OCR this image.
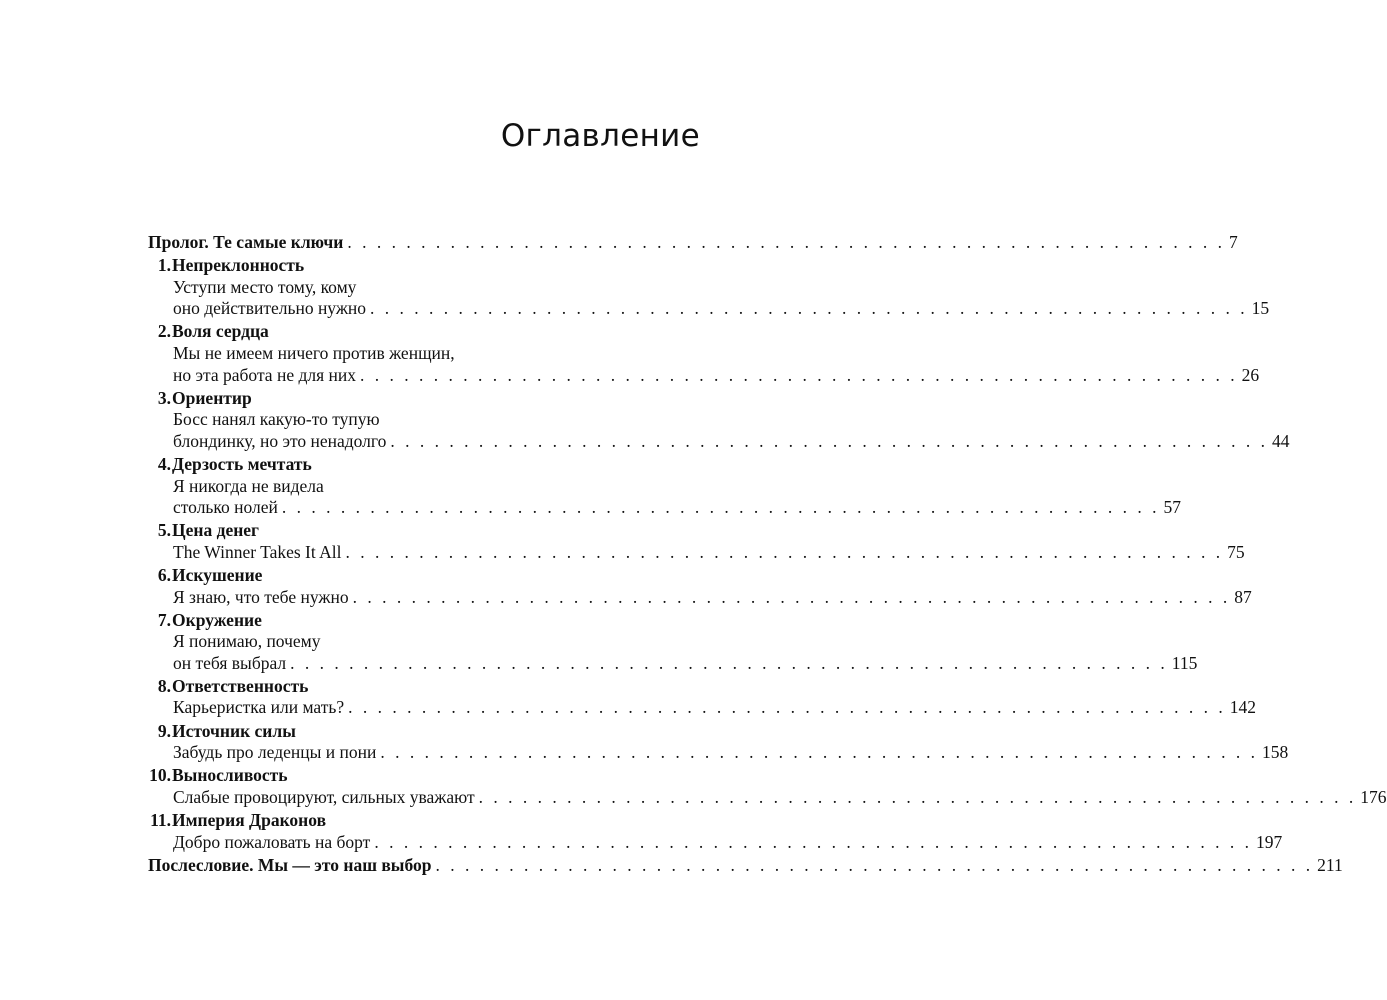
Оглавление
Пролог. Те самые ключи . . . . . . . . . . . . . . . . . . . . . . . . . . . . . . . . . . . . . . . . . . . . . . . . . . . . . . . . . . . . 7
1. Непреклонность
Уступи место тому, кому
оно действительно нужно . . . . . . . . . . . . . . . . . . . . . . . . . . . . . . . . . . . . . . . . . . . . . . . . . . . . . . . . . . . . 15
2. Воля сердца
Мы не имеем ничего против женщин,
но эта работа не для них . . . . . . . . . . . . . . . . . . . . . . . . . . . . . . . . . . . . . . . . . . . . . . . . . . . . . . . . . . . . 26
3. Ориентир
Босс нанял какую-то тупую
блондинку, но это ненадолго . . . . . . . . . . . . . . . . . . . . . . . . . . . . . . . . . . . . . . . . . . . . . . . . . . . . . . . . . . . . 44
4. Дерзость мечтать
Я никогда не видела
столько нолей . . . . . . . . . . . . . . . . . . . . . . . . . . . . . . . . . . . . . . . . . . . . . . . . . . . . . . . . . . . . 57
5. Цена денег
The Winner Takes It All . . . . . . . . . . . . . . . . . . . . . . . . . . . . . . . . . . . . . . . . . . . . . . . . . . . . . . . . . . . . 75
6. Искушение
Я знаю, что тебе нужно . . . . . . . . . . . . . . . . . . . . . . . . . . . . . . . . . . . . . . . . . . . . . . . . . . . . . . . . . . . . 87
7. Окружение
Я понимаю, почему
он тебя выбрал . . . . . . . . . . . . . . . . . . . . . . . . . . . . . . . . . . . . . . . . . . . . . . . . . . . . . . . . . . . . 115
8. Ответственность
Карьеристка или мать? . . . . . . . . . . . . . . . . . . . . . . . . . . . . . . . . . . . . . . . . . . . . . . . . . . . . . . . . . . . . 142
9. Источник силы
Забудь про леденцы и пони . . . . . . . . . . . . . . . . . . . . . . . . . . . . . . . . . . . . . . . . . . . . . . . . . . . . . . . . . . . . 158
10. Выносливость
Слабые провоцируют, сильных уважают . . . . . . . . . . . . . . . . . . . . . . . . . . . . . . . . . . . . . . . . . . . . . . . . . . . . . . . . . . . . 176
11. Империя Драконов
Добро пожаловать на борт . . . . . . . . . . . . . . . . . . . . . . . . . . . . . . . . . . . . . . . . . . . . . . . . . . . . . . . . . . . . 197
Послесловие. Мы — это наш выбор . . . . . . . . . . . . . . . . . . . . . . . . . . . . . . . . . . . . . . . . . . . . . . . . . . . . . . . . . . . . 211
